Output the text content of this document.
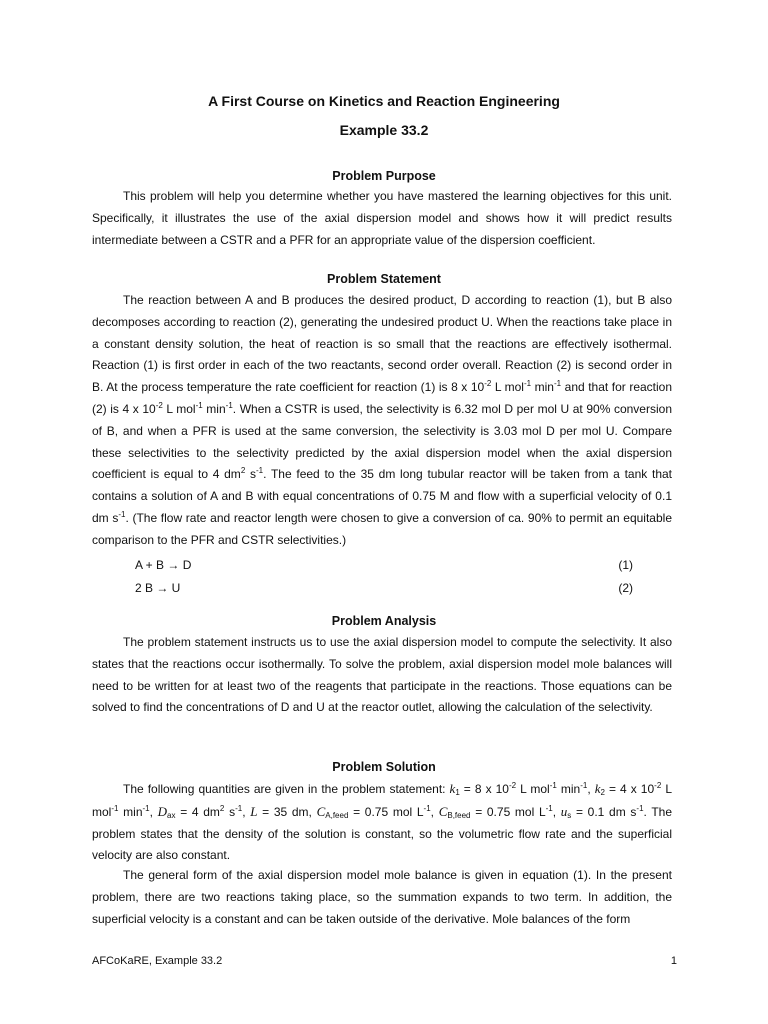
A First Course on Kinetics and Reaction Engineering
Example 33.2
Problem Purpose

This problem will help you determine whether you have mastered the learning objectives for this unit. Specifically, it illustrates the use of the axial dispersion model and shows how it will predict results intermediate between a CSTR and a PFR for an appropriate value of the dispersion coefficient.

Problem Statement

The reaction between A and B produces the desired product, D according to reaction (1), but B also decomposes according to reaction (2), generating the undesired product U. When the reactions take place in a constant density solution, the heat of reaction is so small that the reactions are effectively isothermal. Reaction (1) is first order in each of the two reactants, second order overall. Reaction (2) is second order in B. At the process temperature the rate coefficient for reaction (1) is 8 x $10^{-2}$ L mol$^{-1}$ $\min^{-1}$ and that for reaction (2) is 4 x $10^{-2}$ L mol$^{-1}$ $\min^{-1}$. When a CSTR is used, the selectivity is 6.32 mol D per mol U at 90% conversion of B, and when a PFR is used at the same conversion, the selectivity is 3.03 mol D per mol U. Compare these selectivities to the selectivity predicted by the axial dispersion model when the axial dispersion coefficient is equal to 4 $dm^2$ $s^{-1}$. The feed to the 35 dm long tubular reactor will be taken from a tank that contains a solution of A and B with equal concentrations of 0.75 M and flow with a superficial velocity of 0.1 dm $s^{-1}$. (The flow rate and reactor length were chosen to give a conversion of ca. 90% to permit an equitable comparison to the PFR and CSTR selectivities.)

A + B → D	(1)
2 B → U	(2)
Problem Analysis

The problem statement instructs us to use the axial dispersion model to compute the selectivity. It also states that the reactions occur isothermally. To solve the problem, axial dispersion model mole balances will need to be written for at least two of the reagents that participate in the reactions. Those equations can be solved to find the concentrations of D and U at the reactor outlet, allowing the calculation of the selectivity.

Problem Solution

The following quantities are given in the problem statement: $k_1 = 8$ x $10^{-2}$ L mol$^{-1}$ $\min^{-1}$, $k_2 = 4$ x $10^{-2}$ L mol$^{-1}$ $\min^{-1}$, $D_{ax} = 4$ $dm^2$ $s^{-1}$, L = 35 dm, $C_{A,feed} = 0.75$ mol $L^{-1}$, $C_{B,feed} = 0.75$ mol $L^{-1}$, $u_s = 0.1$ dm $s^{-1}$. The problem states that the density of the solution is constant, so the volumetric flow rate and the superficial velocity are also constant.

The general form of the axial dispersion model mole balance is given in equation (1). In the present problem, there are two reactions taking place, so the summation expands to two term. In addition, the superficial velocity is a constant and can be taken outside of the derivative. Mole balances of the form

AFCoKaRE, Example 33.2	1
